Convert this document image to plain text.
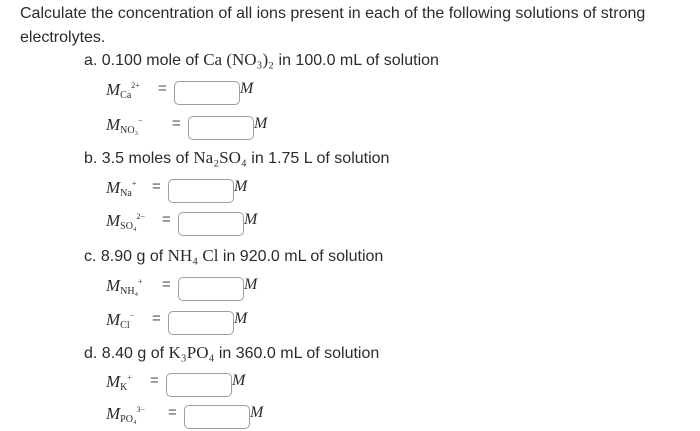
Calculate the concentration of all ions present in each of the following solutions of strong electrolytes.
a. 0.100 mole of Ca (NO₃)₂ in 100.0 mL of solution
$M_{Ca}^{2+}$ =	M
$M_{NO_3}^-$ =	M
b. 3.5 moles of Na₂SO₄ in 1.75 L of solution
$M_{Na}^+$ =	M
$M_{SO_4}^{2-}$ =	M
c. 8.90 g of NH₄ Cl in 920.0 mL of solution
$M_{NH_4}^+$ =	M
$M_{Cl}^-$ =	M
d. 8.40 g of K₃PO₄ in 360.0 mL of solution
$M_K^+$ =	M
$M_{PO_4}^{3-}$ =	M
